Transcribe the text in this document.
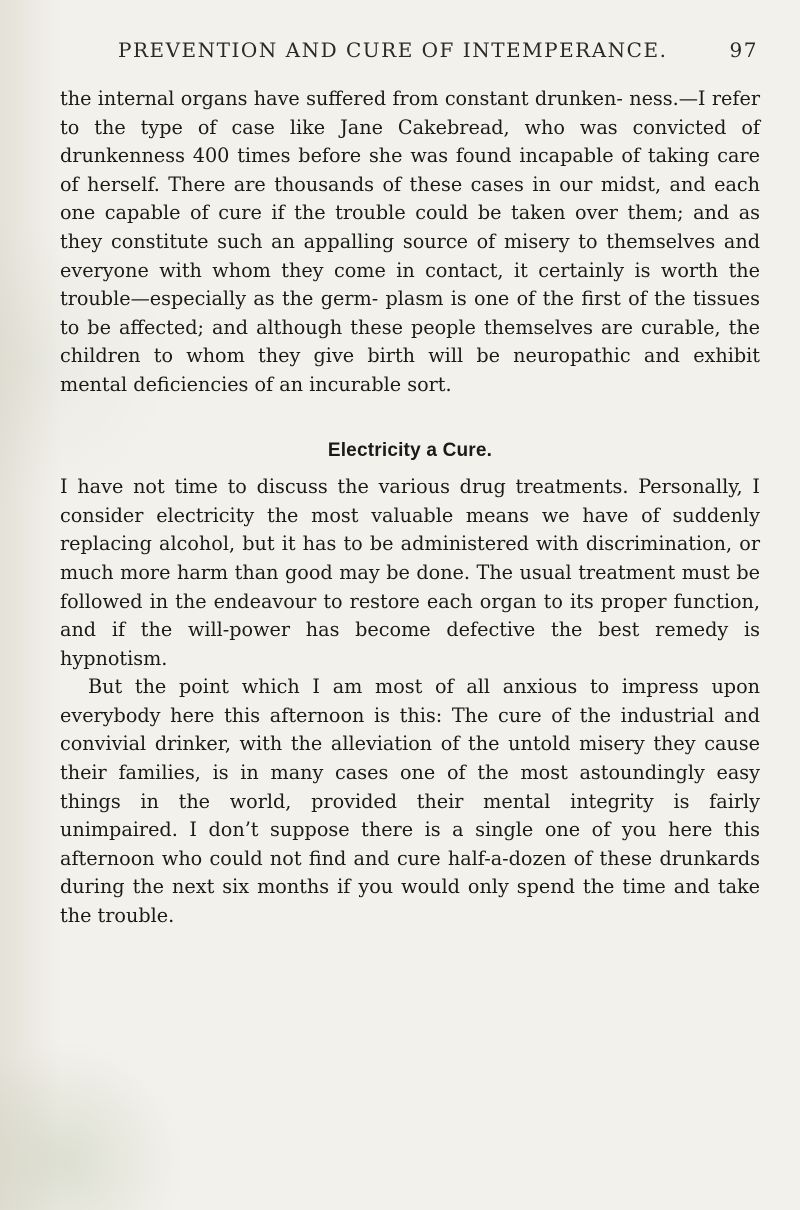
PREVENTION AND CURE OF INTEMPERANCE.	97

the internal organs have suffered from constant drunken- ness.—I refer to the type of case like Jane Cakebread, who was convicted of drunkenness 400 times before she was found incapable of taking care of herself. There are thousands of these cases in our midst, and each one capable of cure if the trouble could be taken over them; and as they constitute such an appalling source of misery to themselves and everyone with whom they come in contact, it certainly is worth the trouble—especially as the germ- plasm is one of the first of the tissues to be affected; and although these people themselves are curable, the children to whom they give birth will be neuropathic and exhibit mental deficiencies of an incurable sort.

Electricity a Cure.

I have not time to discuss the various drug treatments. Personally, I consider electricity the most valuable means we have of suddenly replacing alcohol, but it has to be administered with discrimination, or much more harm than good may be done. The usual treatment must be followed in the endeavour to restore each organ to its proper function, and if the will-power has become defective the best remedy is hypnotism.

But the point which I am most of all anxious to impress upon everybody here this afternoon is this: The cure of the industrial and convivial drinker, with the alleviation of the untold misery they cause their families, is in many cases one of the most astoundingly easy things in the world, provided their mental integrity is fairly unimpaired. I don’t suppose there is a single one of you here this afternoon who could not find and cure half-a-dozen of these drunkards during the next six months if you would only spend the time and take the trouble.
